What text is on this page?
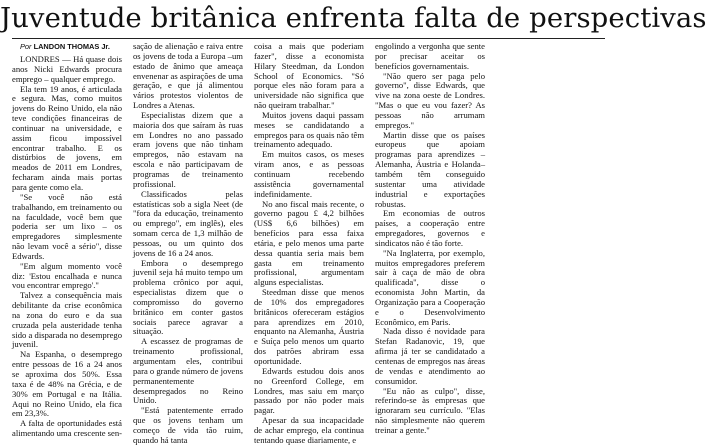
Juventude britânica enfrenta falta de perspectivas
Por LANDON THOMAS Jr.

LONDRES — Há quase dois anos Nicki Edwards procura emprego – qualquer emprego.

Ela tem 19 anos, é articulada e segura. Mas, como muitos jovens do Reino Unido, ela não teve condições financeiras de continuar na universidade, e assim ficou impossível encontrar trabalho. E os distúrbios de jovens, em meados de 2011 em Londres, fecharam ainda mais portas para gente como ela.

"Se você não está trabalhando, em treinamento ou na faculdade, você bem que poderia ser um lixo – os empregadores simplesmente não levam você a sério", disse Edwards.

"Em algum momento você diz: 'Estou encalhada e nunca vou encontrar emprego'."

Talvez a consequência mais debilitante da crise econômica na zona do euro e da sua cruzada pela austeridade tenha sido a disparada no desemprego juvenil.

Na Espanha, o desemprego entre pessoas de 16 a 24 anos se aproxima dos 50%. Essa taxa é de 48% na Grécia, e de 30% em Portugal e na Itália. Aqui no Reino Unido, ela fica em 23,3%.

A falta de oportunidades está alimentando uma crescente sen-

sação de alienação e raiva entre os jovens de toda a Europa –um estado de ânimo que ameaça envenenar as aspirações de uma geração, e que já alimentou vários protestos violentos de Londres a Atenas.

Especialistas dizem que a maioria dos que saíram às ruas em Londres no ano passado eram jovens que não tinham empregos, não estavam na escola e não participavam de programas de treinamento profissional.

Classificados pelas estatísticas sob a sigla Neet (de "fora da educação, treinamento ou emprego", em inglês), eles somam cerca de 1,3 milhão de pessoas, ou um quinto dos jovens de 16 a 24 anos.

Embora o desemprego juvenil seja há muito tempo um problema crônico por aqui, especialistas dizem que o compromisso do governo britânico em conter gastos sociais parece agravar a situação.

A escassez de programas de treinamento profissional, argumentam eles, contribui para o grande número de jovens permanentemente desempregados no Reino Unido.

"Está patentemente errado que os jovens tenham um começo de vida tão ruim, quando há tanta

coisa a mais que poderiam fazer", disse a economista Hilary Steedman, da London School of Economics. "Só porque eles não foram para a universidade não significa que não queiram trabalhar."

Muitos jovens daqui passam meses se candidatando a empregos para os quais não têm treinamento adequado.

Em muitos casos, os meses viram anos, e as pessoas continuam recebendo assistência governamental indefinidamente.

No ano fiscal mais recente, o governo pagou £ 4,2 bilhões (US$ 6,6 bilhões) em benefícios para essa faixa etária, e pelo menos uma parte dessa quantia seria mais bem gasta em treinamento profissional, argumentam alguns especialistas.

Steedman disse que menos de 10% dos empregadores britânicos ofereceram estágios para aprendizes em 2010, enquanto na Alemanha, Áustria e Suíça pelo menos um quarto dos patrões abriram essa oportunidade.

Edwards estudou dois anos no Greenford College, em Londres, mas saiu em março passado por não poder mais pagar.

Apesar da sua incapacidade de achar emprego, ela continua tentando quase diariamente, e

engolindo a vergonha que sente por precisar aceitar os benefícios governamentais.

"Não quero ser paga pelo governo", disse Edwards, que vive na zona oeste de Londres. "Mas o que eu vou fazer? As pessoas não arrumam empregos."

Martin disse que os países europeus que apoiam programas para aprendizes –Alemanha, Áustria e Holanda– também têm conseguido sustentar uma atividade industrial e exportações robustas.

Em economias de outros países, a cooperação entre empregadores, governos e sindicatos não é tão forte.

"Na Inglaterra, por exemplo, muitos empregadores preferem sair à caça de mão de obra qualificada", disse o economista John Martin, da Organização para a Cooperação e o Desenvolvimento Econômico, em Paris.

Nada disso é novidade para Stefan Radanovic, 19, que afirma já ter se candidatado a centenas de empregos nas áreas de vendas e atendimento ao consumidor.

"Eu não as culpo", disse, referindo-se às empresas que ignoraram seu currículo. "Elas não simplesmente não querem treinar a gente."
